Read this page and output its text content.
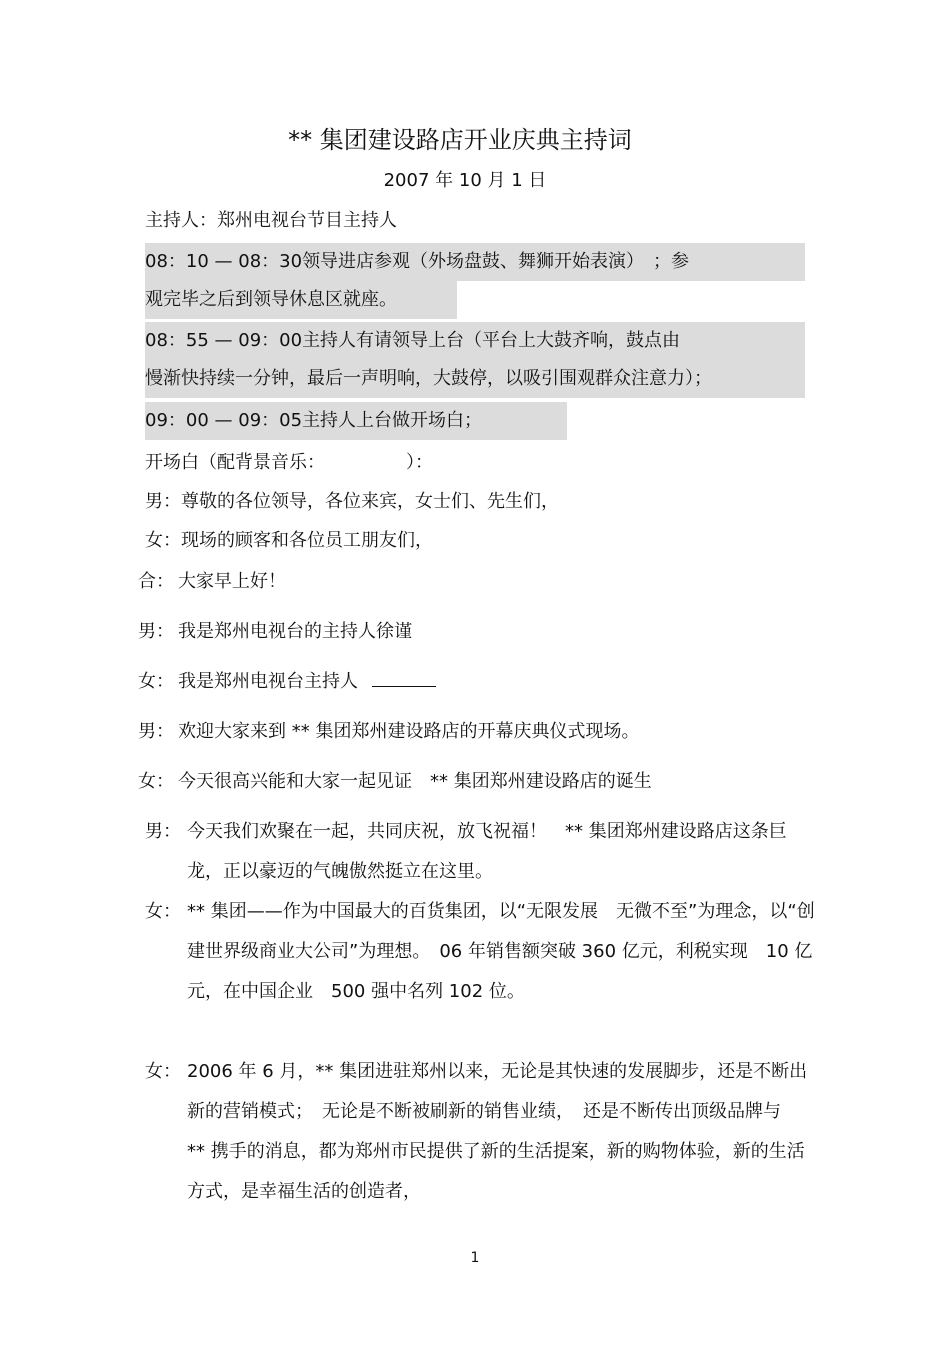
** 集团建设路店开业庆典主持词
2007 年 10 月 1 日
主持人：郑州电视台节目主持人
08：10 — 08：30领导进店参观（外场盘鼓、舞狮开始表演）　；参
观完毕之后到领导休息区就座。
08：55 — 09：00主持人有请领导上台（平台上大鼓齐响，鼓点由
慢渐快持续一分钟，最后一声明响，大鼓停，以吸引围观群众注意力）；
09：00 — 09：05主持人上台做开场白；
开场白（配背景音乐：　　　　　）：
男：尊敬的各位领导，各位来宾，女士们、先生们，
女：现场的顾客和各位员工朋友们，
合： 大家早上好！
男： 我是郑州电视台的主持人徐谨
女： 我是郑州电视台主持人
男： 欢迎大家来到 ** 集团郑州建设路店的开幕庆典仪式现场。
女： 今天很高兴能和大家一起见证　** 集团郑州建设路店的诞生
男： 今天我们欢聚在一起，共同庆祝，放飞祝福！　** 集团郑州建设路店这条巨龙，正以豪迈的气魄傲然挺立在这里。
女： ** 集团——作为中国最大的百货集团，以“无限发展　无微不至”为理念，以“创建世界级商业大公司”为理想。　06 年销售额突破 360 亿元，利税实现　10 亿元，在中国企业　500 强中名列 102 位。
女： 2006 年 6 月，** 集团进驻郑州以来，无论是其快速的发展脚步，还是不断出新的营销模式；　无论是不断被刷新的销售业绩，　还是不断传出顶级品牌与　** 携手的消息，都为郑州市民提供了新的生活提案，新的购物体验，新的生活方式，是幸福生活的创造者，
1
